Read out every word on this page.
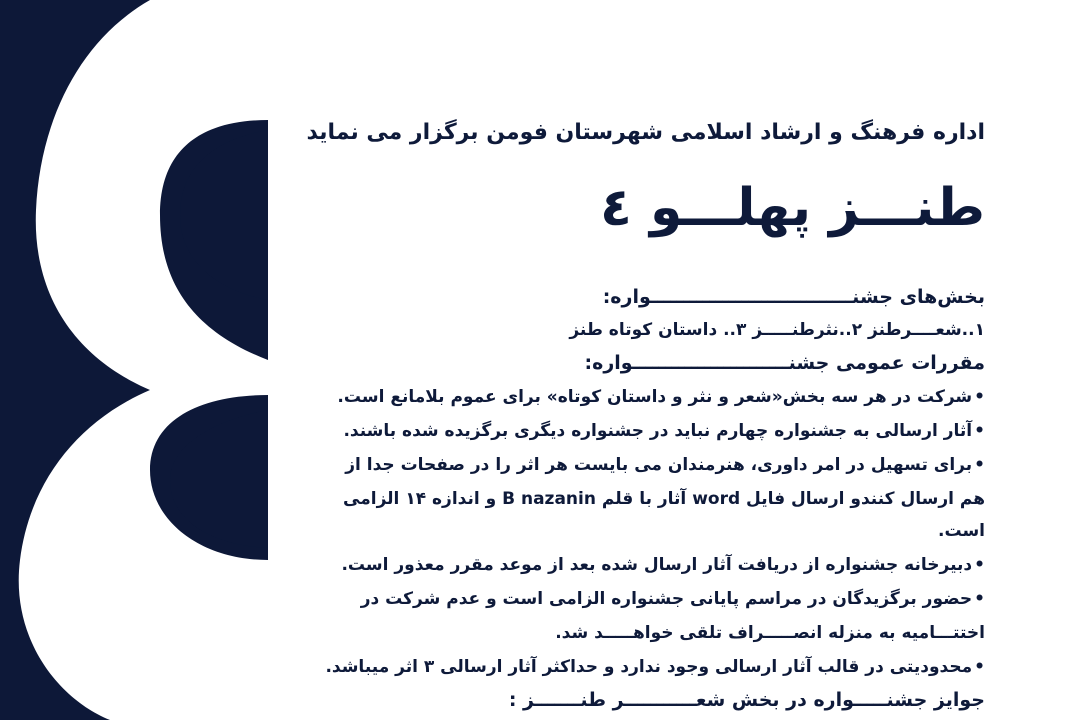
اداره فرهنگ و ارشاد اسلامی شهرستان فومن برگزار می نماید
طنـــز پهلـــو ٤
بخش‌های جشنـــــــــــــــــــــــــــــــواره:
١..شعــــرطنز ٢..نثرطنـــــز ٣.. داستان کوتاه طنز
مقررات عمومی جشنــــــــــــــــــــــــواره:
• شرکت در هر سه بخش«شعر و نثر و داستان کوتاه» برای عموم بلامانع است.
• آثار ارسالی به جشنواره چهارم نباید در جشنواره دیگری برگزیده شده باشند.
• برای تسهیل در امر داوری، هنرمندان می بایست هر اثر را در صفحات جدا از
هم ارسال کنندو ارسال فایل word آثار با قلم B nazanin و اندازه ١۴ الزامی
است.
• دبیرخانه جشنواره از دریافت آثار ارسال شده بعد از موعد مقرر معذور است.
• حضور برگزیدگان در مراسم پایانی جشنواره الزامی است و عدم شرکت در
اختتـــامیه به منزله انصـــــراف تلقی خواهـــــد شد.
• محدودیتی در قالب آثار ارسالی وجود ندارد و حداکثر آثار ارسالی ٣ اثر میباشد.
جوایز جشنـــــواره در بخش شعـــــــــــر طنـــــــز :
